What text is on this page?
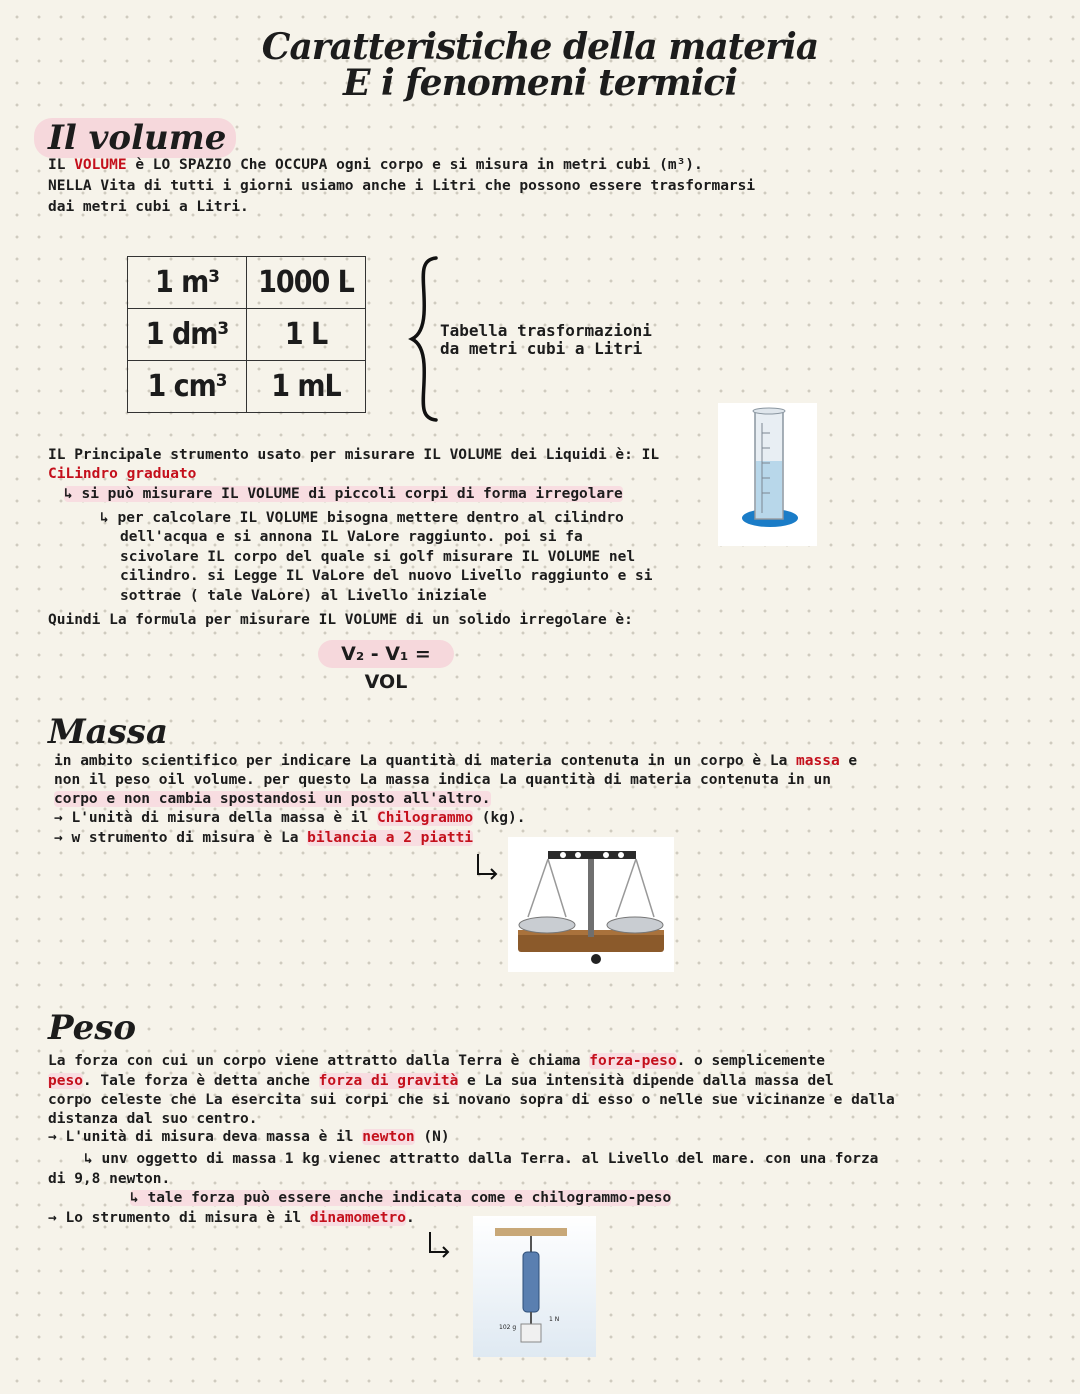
Caratteristiche della materia
E i fenomeni termici
Il volume
IL VOLUME è LO SPAZIO Che OCCUPA ogni corpo e si misura in metri cubi (m³).
NELLA Vita di tutti i giorni usiamo anche i Litri che possono essere trasformarsi
dai metri cubi a Litri.
1 m³	1000 L
1 dm³	1 L
1 cm³	1 mL
Tabella trasformazioni
da metri cubi a Litri
IL Principale strumento usato per misurare IL VOLUME dei Liquidi è: IL
CiLindro graduato
↳ si può misurare IL VOLUME di piccoli corpi di forma irregolare
↳ per calcolare IL VOLUME bisogna mettere dentro al cilindro
dell'acqua e si annona IL VaLore raggiunto. poi si fa
scivolare IL corpo del quale si golf misurare IL VOLUME nel
cilindro. si Legge IL VaLore del nuovo Livello raggiunto e si
sottrae ( tale VaLore) al Livello iniziale
Quindi La formula per misurare IL VOLUME di un solido irregolare è:
V₂ - V₁ = VOL
Massa
in ambito scientifico per indicare La quantità di materia contenuta in un corpo è La massa e
non il peso oil volume. per questo La massa indica La quantità di materia contenuta in un
corpo e non cambia spostandosi un posto all'altro.
→ L'unità di misura della massa è il Chilogrammo (kg).
→ w strumento di misura è La bilancia a 2 piatti
Peso
La forza con cui un corpo viene attratto dalla Terra è chiama forza-peso. o semplicemente
peso. Tale forza è detta anche forza di gravità e La sua intensità dipende dalla massa del
corpo celeste che La esercita sui corpi che si novano sopra di esso o nelle sue vicinanze e dalla
distanza dal suo centro.
→ L'unità di misura deva massa è il newton (N)
↳ unv oggetto di massa 1 kg vienec attratto dalla Terra. al Livello del mare. con una forza
di 9,8 newton.
↳ tale forza può essere anche indicata come e chilogrammo-peso
→ Lo strumento di misura è il dinamometro.
102 g
1 N
